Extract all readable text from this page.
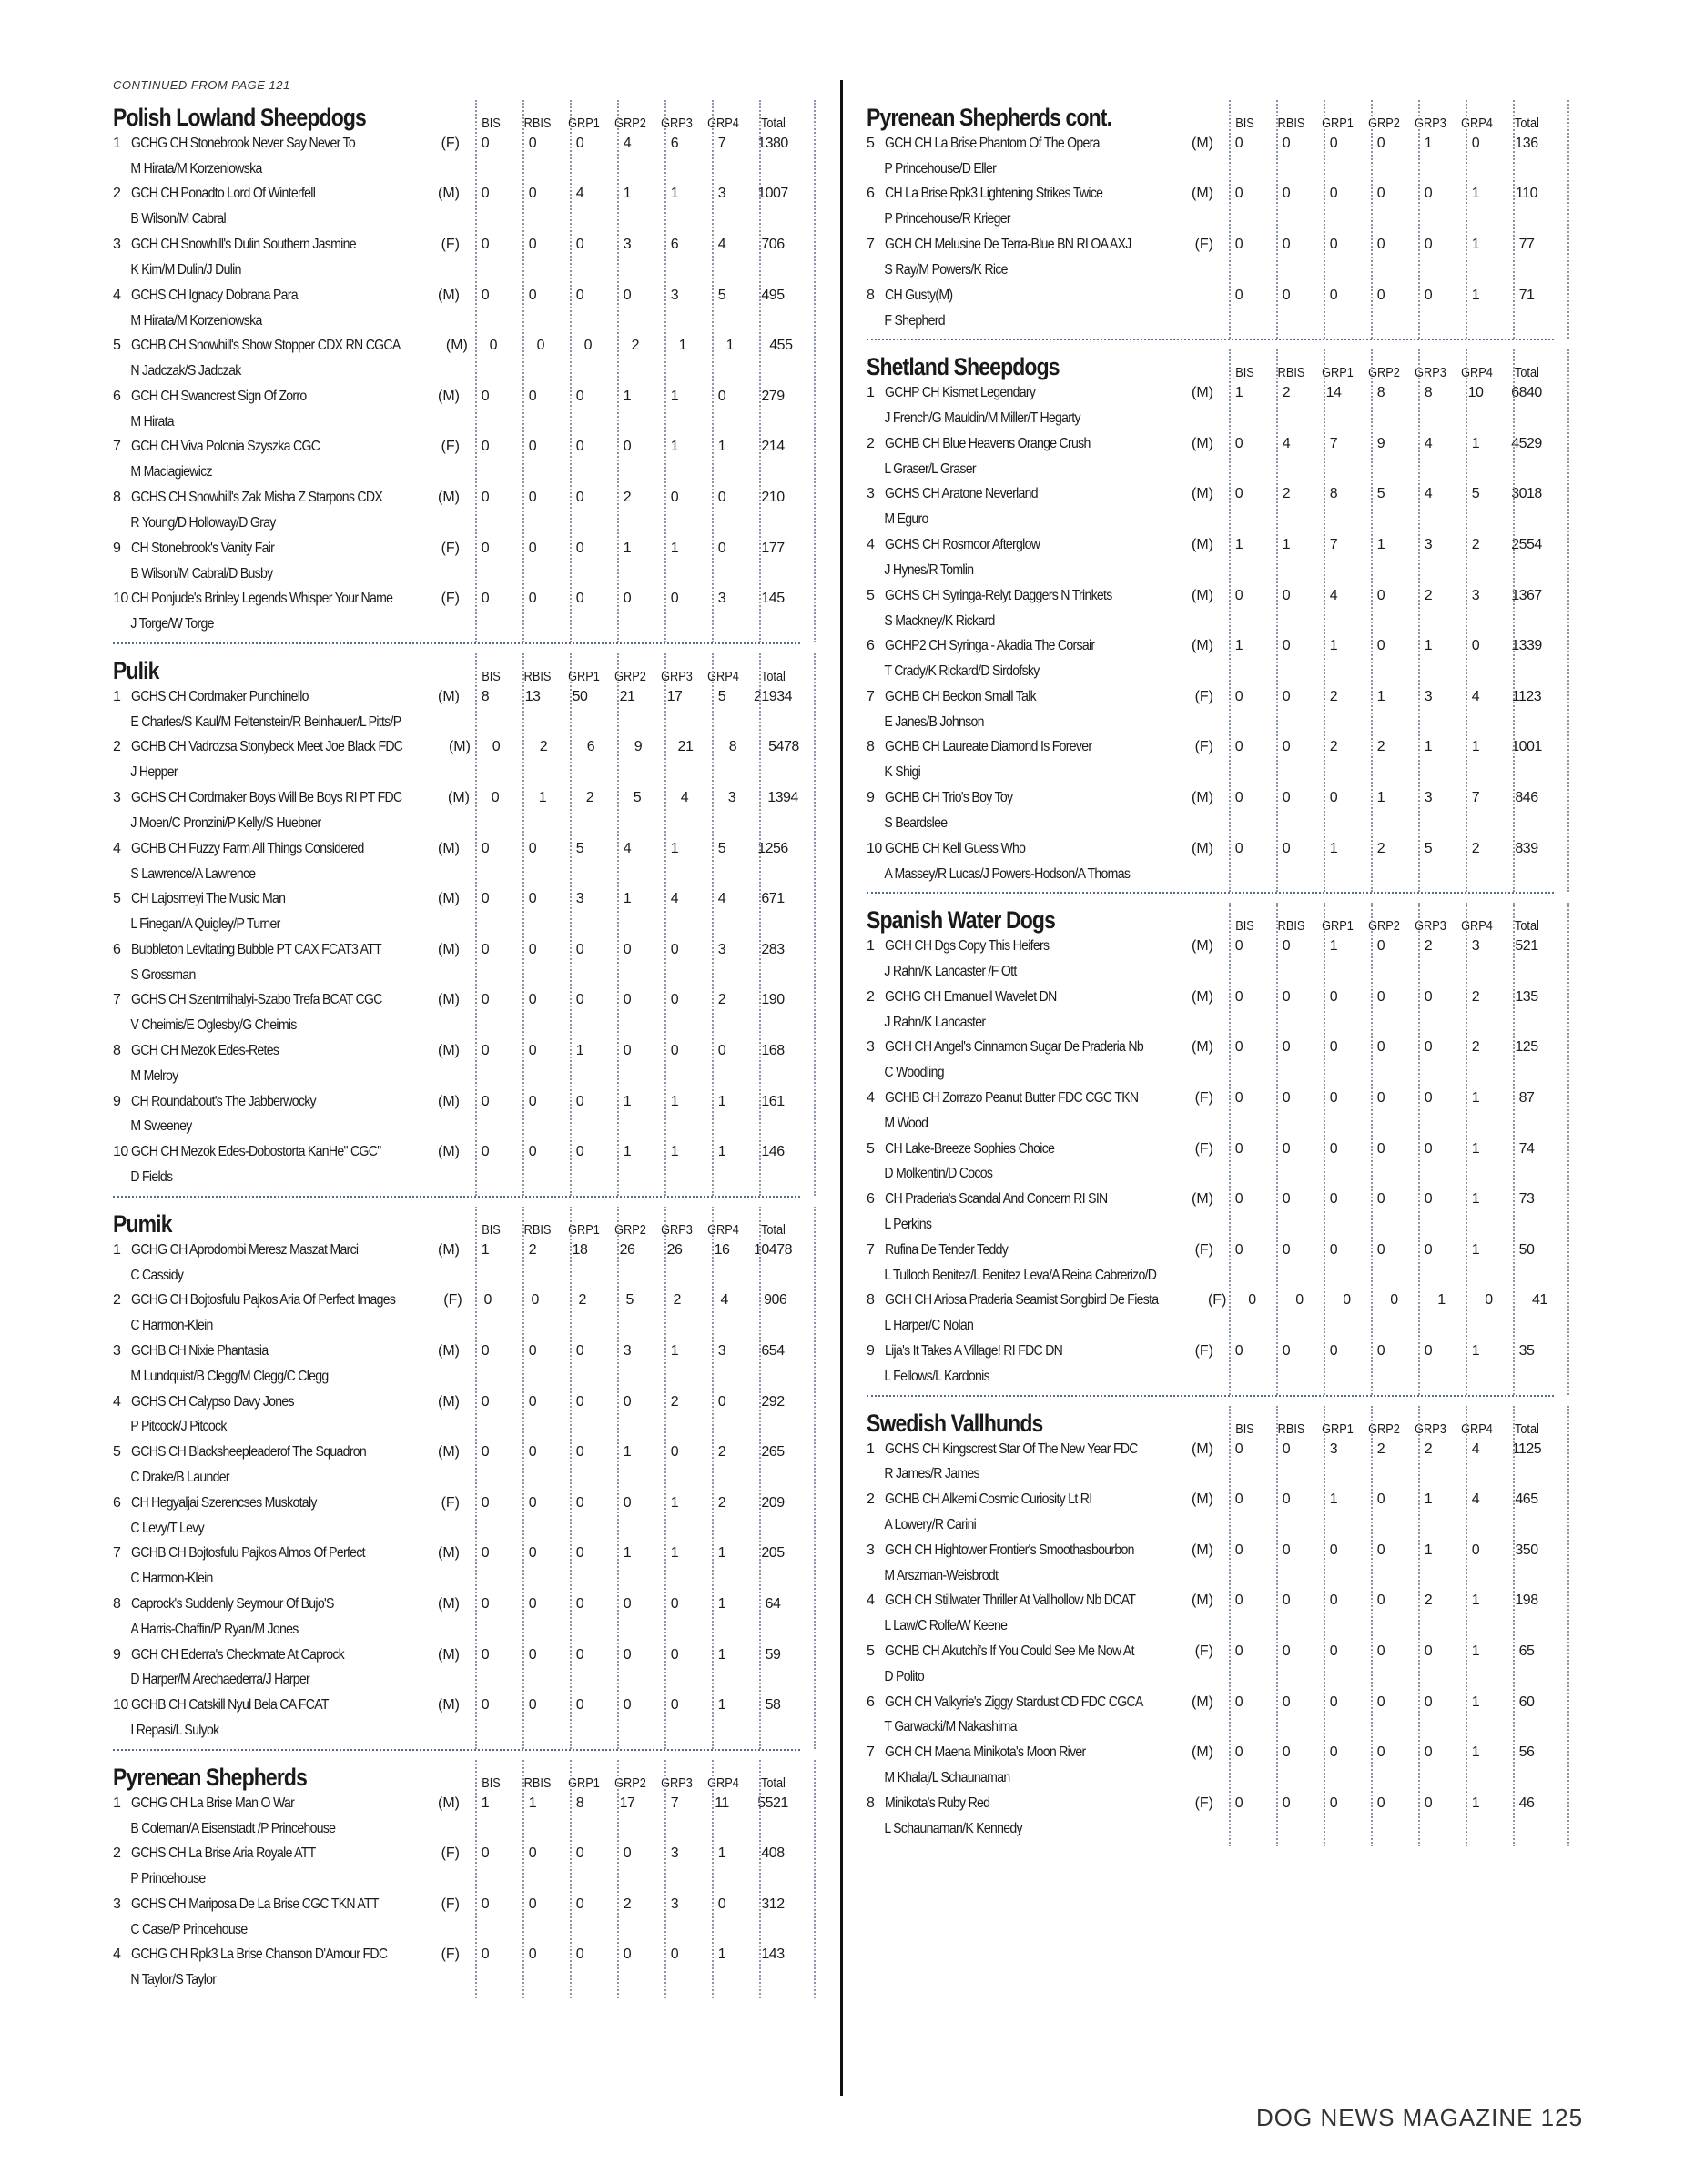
CONTINUED FROM PAGE 121
Polish Lowland Sheepdogs	BIS	RBIS	GRP1 GRP2 GRP3 GRP4	Total
1 GCHG CH Stonebrook Never Say Never To	(F)
M Hirata/M Korzeniowska
0	0	0	4	6	7	1380
2 GCH CH Ponadto Lord Of Winterfell	(M)
B Wilson/M Cabral
0	0	4	1	1	3	1007
3 GCH CH Snowhill's Dulin Southern Jasmine	(F)
K Kim/M Dulin/J Dulin
0	0	0	3	6	4	706
4 GCHS CH Ignacy Dobrana Para	(M)
M Hirata/M Korzeniowska
0	0	0	0	3	5	495
5 GCHB CH Snowhill's Show Stopper CDX RN CGCA	(M)
N Jadczak/S Jadczak
0	0	0	2	1	1	455
6 GCH CH Swancrest Sign Of Zorro	(M)
M Hirata
0	0	0	1	1	0	279
7 GCH CH Viva Polonia Szyszka CGC	(F)
M Maciagiewicz
0	0	0	0	1	1	214
8 GCHS CH Snowhill's Zak Misha Z Starpons CDX	(M)
R Young/D Holloway/D Gray
0	0	0	2	0	0	210
9 CH Stonebrook's Vanity Fair	(F)
B Wilson/M Cabral/D Busby
0	0	0	1	1	0	177
10 CH Ponjude's Brinley Legends Whisper Your Name	(F)
J Torge/W Torge
0	0	0	0	0	3	145
Pulik	BIS	RBIS	GRP1 GRP2 GRP3 GRP4	Total
1 GCHS CH Cordmaker Punchinello	(M)
E Charles/S Kaul/M Feltenstein/R Beinhauer/L Pitts/P
8	13	50	21	17	5	21934
2 GCHB CH Vadrozsa Stonybeck Meet Joe Black FDC	(M)
J Hepper
0	2	6	9	21	8	5478
3 GCHS CH Cordmaker Boys Will Be Boys RI PT FDC	(M)
J Moen/C Pronzini/P Kelly/S Huebner
0	1	2	5	4	3	1394
4 GCHB CH Fuzzy Farm All Things Considered	(M)
S Lawrence/A Lawrence
0	0	5	4	1	5	1256
5 CH Lajosmeyi The Music Man	(M)
L Finegan/A Quigley/P Turner
0	0	3	1	4	4	671
6 Bubbleton Levitating Bubble PT CAX FCAT3 ATT	(M)
S Grossman
0	0	0	0	0	3	283
7 GCHS CH Szentmihalyi-Szabo Trefa BCAT CGC	(M)
V Cheimis/E Oglesby/G Cheimis
0	0	0	0	0	2	190
8 GCH CH Mezok Edes-Retes	(M)
M Melroy
0	0	1	0	0	0	168
9 CH Roundabout's The Jabberwocky	(M)
M Sweeney
0	0	0	1	1	1	161
10 GCH CH Mezok Edes-Dobostorta KanHe" CGC"	(M)
D Fields
0	0	0	1	1	1	146
Pumik	BIS	RBIS	GRP1 GRP2 GRP3 GRP4	Total
1 GCHG CH Aprodombi Meresz Maszat Marci	(M)
C Cassidy
1	2	18	26	26	16	10478
2 GCHG CH Bojtosfulu Pajkos Aria Of Perfect Images	(F)
C Harmon-Klein
0	0	2	5	2	4	906
3 GCHB CH Nixie Phantasia	(M)
M Lundquist/B Clegg/M Clegg/C Clegg
0	0	0	3	1	3	654
4 GCHS CH Calypso Davy Jones	(M)
P Pitcock/J Pitcock
0	0	0	0	2	0	292
5 GCHS CH Blacksheepleaderof The Squadron	(M)
C Drake/B Launder
0	0	0	1	0	2	265
6 CH Hegyaljai Szerencses Muskotaly	(F)
C Levy/T Levy
0	0	0	0	1	2	209
7 GCHB CH Bojtosfulu Pajkos Almos Of Perfect	(M)
C Harmon-Klein
0	0	0	1	1	1	205
8 Caprock's Suddenly Seymour Of Bujo'S	(M)
A Harris-Chaffin/P Ryan/M Jones
0	0	0	0	0	1	64
9 GCH CH Ederra's Checkmate At Caprock	(M)
D Harper/M Arechaederra/J Harper
0	0	0	0	0	1	59
10 GCHB CH Catskill Nyul Bela CA FCAT	(M)
I Repasi/L Sulyok
0	0	0	0	0	1	58
Pyrenean Shepherds	BIS	RBIS	GRP1 GRP2 GRP3 GRP4	Total
1 GCHG CH La Brise Man O War	(M)
B Coleman/A Eisenstadt /P Princehouse
1	1	8	17	7	11	5521
2 GCHS CH La Brise Aria Royale ATT	(F)
P Princehouse
0	0	0	0	3	1	408
3 GCHS CH Mariposa De La Brise CGC TKN ATT	(F)
C Case/P Princehouse
0	0	0	2	3	0	312
4 GCHG CH Rpk3 La Brise Chanson D'Amour FDC	(F)
N Taylor/S Taylor
0	0	0	0	0	1	143
Pyrenean Shepherds cont.	BIS	RBIS	GRP1 GRP2 GRP3 GRP4	Total
5 GCH CH La Brise Phantom Of The Opera	(M)
P Princehouse/D Eller
0	0	0	0	1	0	136
6 CH La Brise Rpk3 Lightening Strikes Twice	(M)
P Princehouse/R Krieger
0	0	0	0	0	1	110
7 GCH CH Melusine De Terra-Blue BN RI OA AXJ	(F)
S Ray/M Powers/K Rice
0	0	0	0	0	1	77
8 CH Gusty(M)
F Shepherd
0	0	0	0	0	1	71
Shetland Sheepdogs	BIS	RBIS	GRP1 GRP2 GRP3 GRP4	Total
1 GCHP CH Kismet Legendary	(M)
J French/G Mauldin/M Miller/T Hegarty
1	2	14	8	8	10	6840
2 GCHB CH Blue Heavens Orange Crush	(M)
L Graser/L Graser
0	4	7	9	4	1	4529
3 GCHS CH Aratone Neverland	(M)
M Eguro
0	2	8	5	4	5	3018
4 GCHS CH Rosmoor Afterglow	(M)
J Hynes/R Tomlin
1	1	7	1	3	2	2554
5 GCHS CH Syringa-Relyt Daggers N Trinkets	(M)
S Mackney/K Rickard
0	0	4	0	2	3	1367
6 GCHP2 CH Syringa - Akadia The Corsair	(M)
T Crady/K Rickard/D Sirdofsky
1	0	1	0	1	0	1339
7 GCHB CH Beckon Small Talk	(F)
E Janes/B Johnson
0	0	2	1	3	4	1123
8 GCHB CH Laureate Diamond Is Forever	(F)
K Shigi
0	0	2	2	1	1	1001
9 GCHB CH Trio's Boy Toy	(M)
S Beardslee
0	0	0	1	3	7	846
10 GCHB CH Kell Guess Who	(M)
A Massey/R Lucas/J Powers-Hodson/A Thomas
0	0	1	2	5	2	839
Spanish Water Dogs	BIS	RBIS	GRP1 GRP2 GRP3 GRP4	Total
1 GCH CH Dgs Copy This Heifers	(M)
J Rahn/K Lancaster /F Ott
0	0	1	0	2	3	521
2 GCHG CH Emanuell Wavelet DN	(M)
J Rahn/K Lancaster
0	0	0	0	0	2	135
3 GCH CH Angel's Cinnamon Sugar De Praderia Nb	(M)
C Woodling
0	0	0	0	0	2	125
4 GCHB CH Zorrazo Peanut Butter FDC CGC TKN	(F)
M Wood
0	0	0	0	0	1	87
5 CH Lake-Breeze Sophies Choice	(F)
D Molkentin/D Cocos
0	0	0	0	0	1	74
6 CH Praderia's Scandal And Concern RI SIN	(M)
L Perkins
0	0	0	0	0	1	73
7 Rufina De Tender Teddy	(F)
L Tulloch Benitez/L Benitez Leva/A Reina Cabrerizo/D
0	0	0	0	0	1	50
8 GCH CH Ariosa Praderia Seamist Songbird De Fiesta	(F)
L Harper/C Nolan
0	0	0	0	1	0	41
9 Lija's It Takes A Village! RI FDC DN	(F)
L Fellows/L Kardonis
0	0	0	0	0	1	35
Swedish Vallhunds	BIS	RBIS	GRP1 GRP2 GRP3 GRP4	Total
1 GCHS CH Kingscrest Star Of The New Year FDC	(M)
R James/R James
0	0	3	2	2	4	1125
2 GCHB CH Alkemi Cosmic Curiosity Lt RI	(M)
A Lowery/R Carini
0	0	1	0	1	4	465
3 GCH CH Hightower Frontier's Smoothasbourbon	(M)
M Arszman-Weisbrodt
0	0	0	0	1	0	350
4 GCH CH Stillwater Thriller At Vallhollow Nb DCAT	(M)
L Law/C Rolfe/W Keene
0	0	0	0	2	1	198
5 GCHB CH Akutchi's If You Could See Me Now At	(F)
D Polito
0	0	0	0	0	1	65
6 GCH CH Valkyrie's Ziggy Stardust CD FDC CGCA	(M)
T Garwacki/M Nakashima
0	0	0	0	0	1	60
7 GCH CH Maena Minikota's Moon River	(M)
M Khalaj/L Schaunaman
0	0	0	0	0	1	56
8 Minikota's Ruby Red	(F)
L Schaunaman/K Kennedy
0	0	0	0	0	1	46
DOG NEWS MAGAZINE 125
